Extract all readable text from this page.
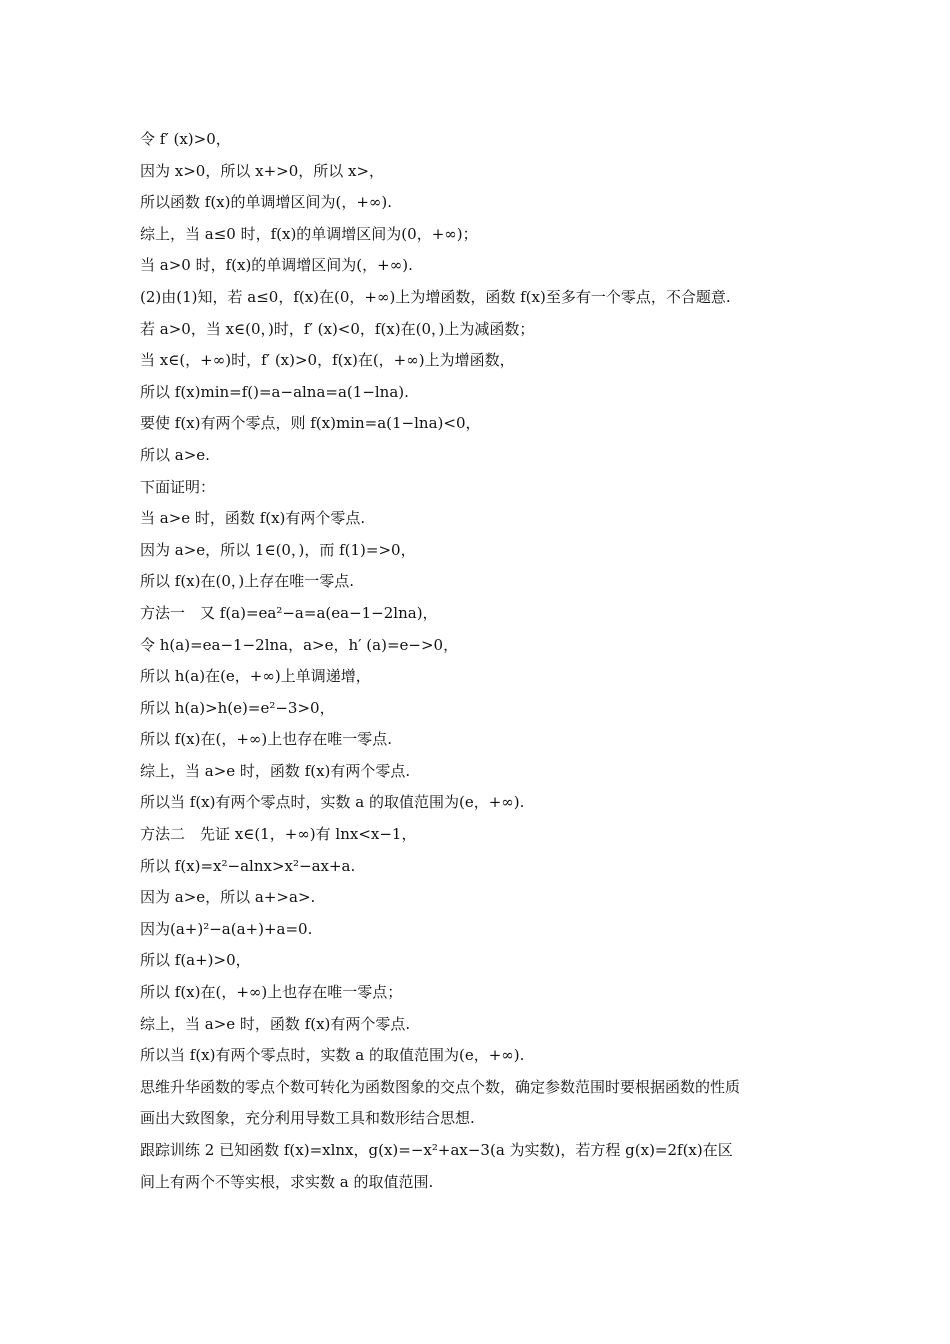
令 f′ (x)>0，
因为 x>0，所以 x+>0，所以 x>，
所以函数 f(x)的单调增区间为(，+∞).
综上，当 a≤0 时，f(x)的单调增区间为(0，+∞)；
当 a>0 时，f(x)的单调增区间为(，+∞).
(2)由(1)知，若 a≤0，f(x)在(0，+∞)上为增函数，函数 f(x)至多有一个零点，不合题意.
若 a>0，当 x∈(0，)时，f′ (x)<0，f(x)在(0，)上为减函数；
当 x∈(，+∞)时，f′ (x)>0，f(x)在(，+∞)上为增函数，
所以 f(x)min=f()=a−alna=a(1−lna).
要使 f(x)有两个零点，则 f(x)min=a(1−lna)<0，
所以 a>e.
下面证明：
当 a>e 时，函数 f(x)有两个零点.
因为 a>e，所以 1∈(0，)，而 f(1)=>0，
所以 f(x)在(0，)上存在唯一零点.
方法一　又 f(a)=ea²−a=a(ea−1−2lna)，
令 h(a)=ea−1−2lna，a>e，h′ (a)=e−>0，
所以 h(a)在(e，+∞)上单调递增，
所以 h(a)>h(e)=e²−3>0，
所以 f(x)在(，+∞)上也存在唯一零点.
综上，当 a>e 时，函数 f(x)有两个零点.
所以当 f(x)有两个零点时，实数 a 的取值范围为(e，+∞).
方法二　先证 x∈(1，+∞)有 lnx<x−1，
所以 f(x)=x²−alnx>x²−ax+a.
因为 a>e，所以 a+>a>.
因为(a+)²−a(a+)+a=0.
所以 f(a+)>0，
所以 f(x)在(，+∞)上也存在唯一零点；
综上，当 a>e 时，函数 f(x)有两个零点.
所以当 f(x)有两个零点时，实数 a 的取值范围为(e，+∞).
思维升华函数的零点个数可转化为函数图象的交点个数，确定参数范围时要根据函数的性质
画出大致图象，充分利用导数工具和数形结合思想.
跟踪训练 2 已知函数 f(x)=xlnx，g(x)=−x²+ax−3(a 为实数)，若方程 g(x)=2f(x)在区
间上有两个不等实根，求实数 a 的取值范围.
